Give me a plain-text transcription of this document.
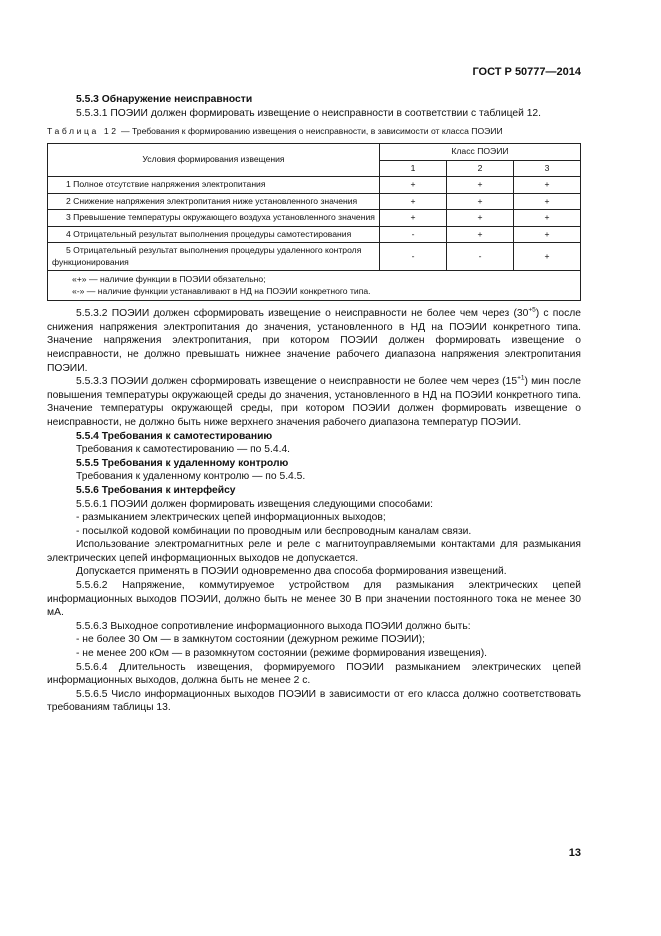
ГОСТ Р 50777—2014
5.5.3 Обнаружение неисправности

5.5.3.1 ПОЭИИ должен формировать извещение о неисправности в соответствии с таблицей 12.

Таблица 12 — Требования к формированию извещения о неисправности, в зависимости от класса ПОЭИИ
Условия формирования извещения	Класс ПОЭИИ		
	1	2	3
1 Полное отсутствие напряжения электропитания	+	+	+
2 Снижение напряжения электропитания ниже установленного значения	+	+	+
3 Превышение температуры окружающего воздуха установленного значения	+	+	+
4 Отрицательный результат выполнения процедуры самотестирования	-	+	+
5 Отрицательный результат выполнения процедуры удаленного контроля функционирования	-	-	+

«+» — наличие функции в ПОЭИИ обязательно;
«-» — наличие функции устанавливают в НД на ПОЭИИ конкретного типа.			

5.5.3.2 ПОЭИИ должен сформировать извещение о неисправности не более чем через $(30^{+5})$ с после снижения напряжения электропитания до значения, установленного в НД на ПОЭИИ конкретного типа. Значение напряжения электропитания, при котором ПОЭИИ должен формировать извещение о неисправности, не должно превышать нижнее значение рабочего диапазона напряжения электропитания ПОЭИИ.

5.5.3.3 ПОЭИИ должен сформировать извещение о неисправности не более чем через $(15^{+1})$ мин после повышения температуры окружающей среды до значения, установленного в НД на ПОЭИИ конкретного типа. Значение температуры окружающей среды, при котором ПОЭИИ должен формировать извещение о неисправности, не должно быть ниже верхнего значения рабочего диапазона температур ПОЭИИ.

5.5.4 Требования к самотестированию

Требования к самотестированию — по 5.4.4.

5.5.5 Требования к удаленному контролю

Требования к удаленному контролю — по 5.4.5.

5.5.6 Требования к интерфейсу

5.5.6.1 ПОЭИИ должен формировать извещения следующими способами:

- размыканием электрических цепей информационных выходов;

- посылкой кодовой комбинации по проводным или беспроводным каналам связи.

Использование электромагнитных реле и реле с магнитоуправляемыми контактами для размыкания электрических цепей информационных выходов не допускается.

Допускается применять в ПОЭИИ одновременно два способа формирования извещений.

5.5.6.2 Напряжение, коммутируемое устройством для размыкания электрических цепей информационных выходов ПОЭИИ, должно быть не менее 30 В при значении постоянного тока не менее 30 мА.

5.5.6.3 Выходное сопротивление информационного выхода ПОЭИИ должно быть:

- не более 30 Ом — в замкнутом состоянии (дежурном режиме ПОЭИИ);

- не менее 200 кОм — в разомкнутом состоянии (режиме формирования извещения).

5.5.6.4 Длительность извещения, формируемого ПОЭИИ размыканием электрических цепей информационных выходов, должна быть не менее 2 с.

5.5.6.5 Число информационных выходов ПОЭИИ в зависимости от его класса должно соответствовать требованиям таблицы 13.

13
